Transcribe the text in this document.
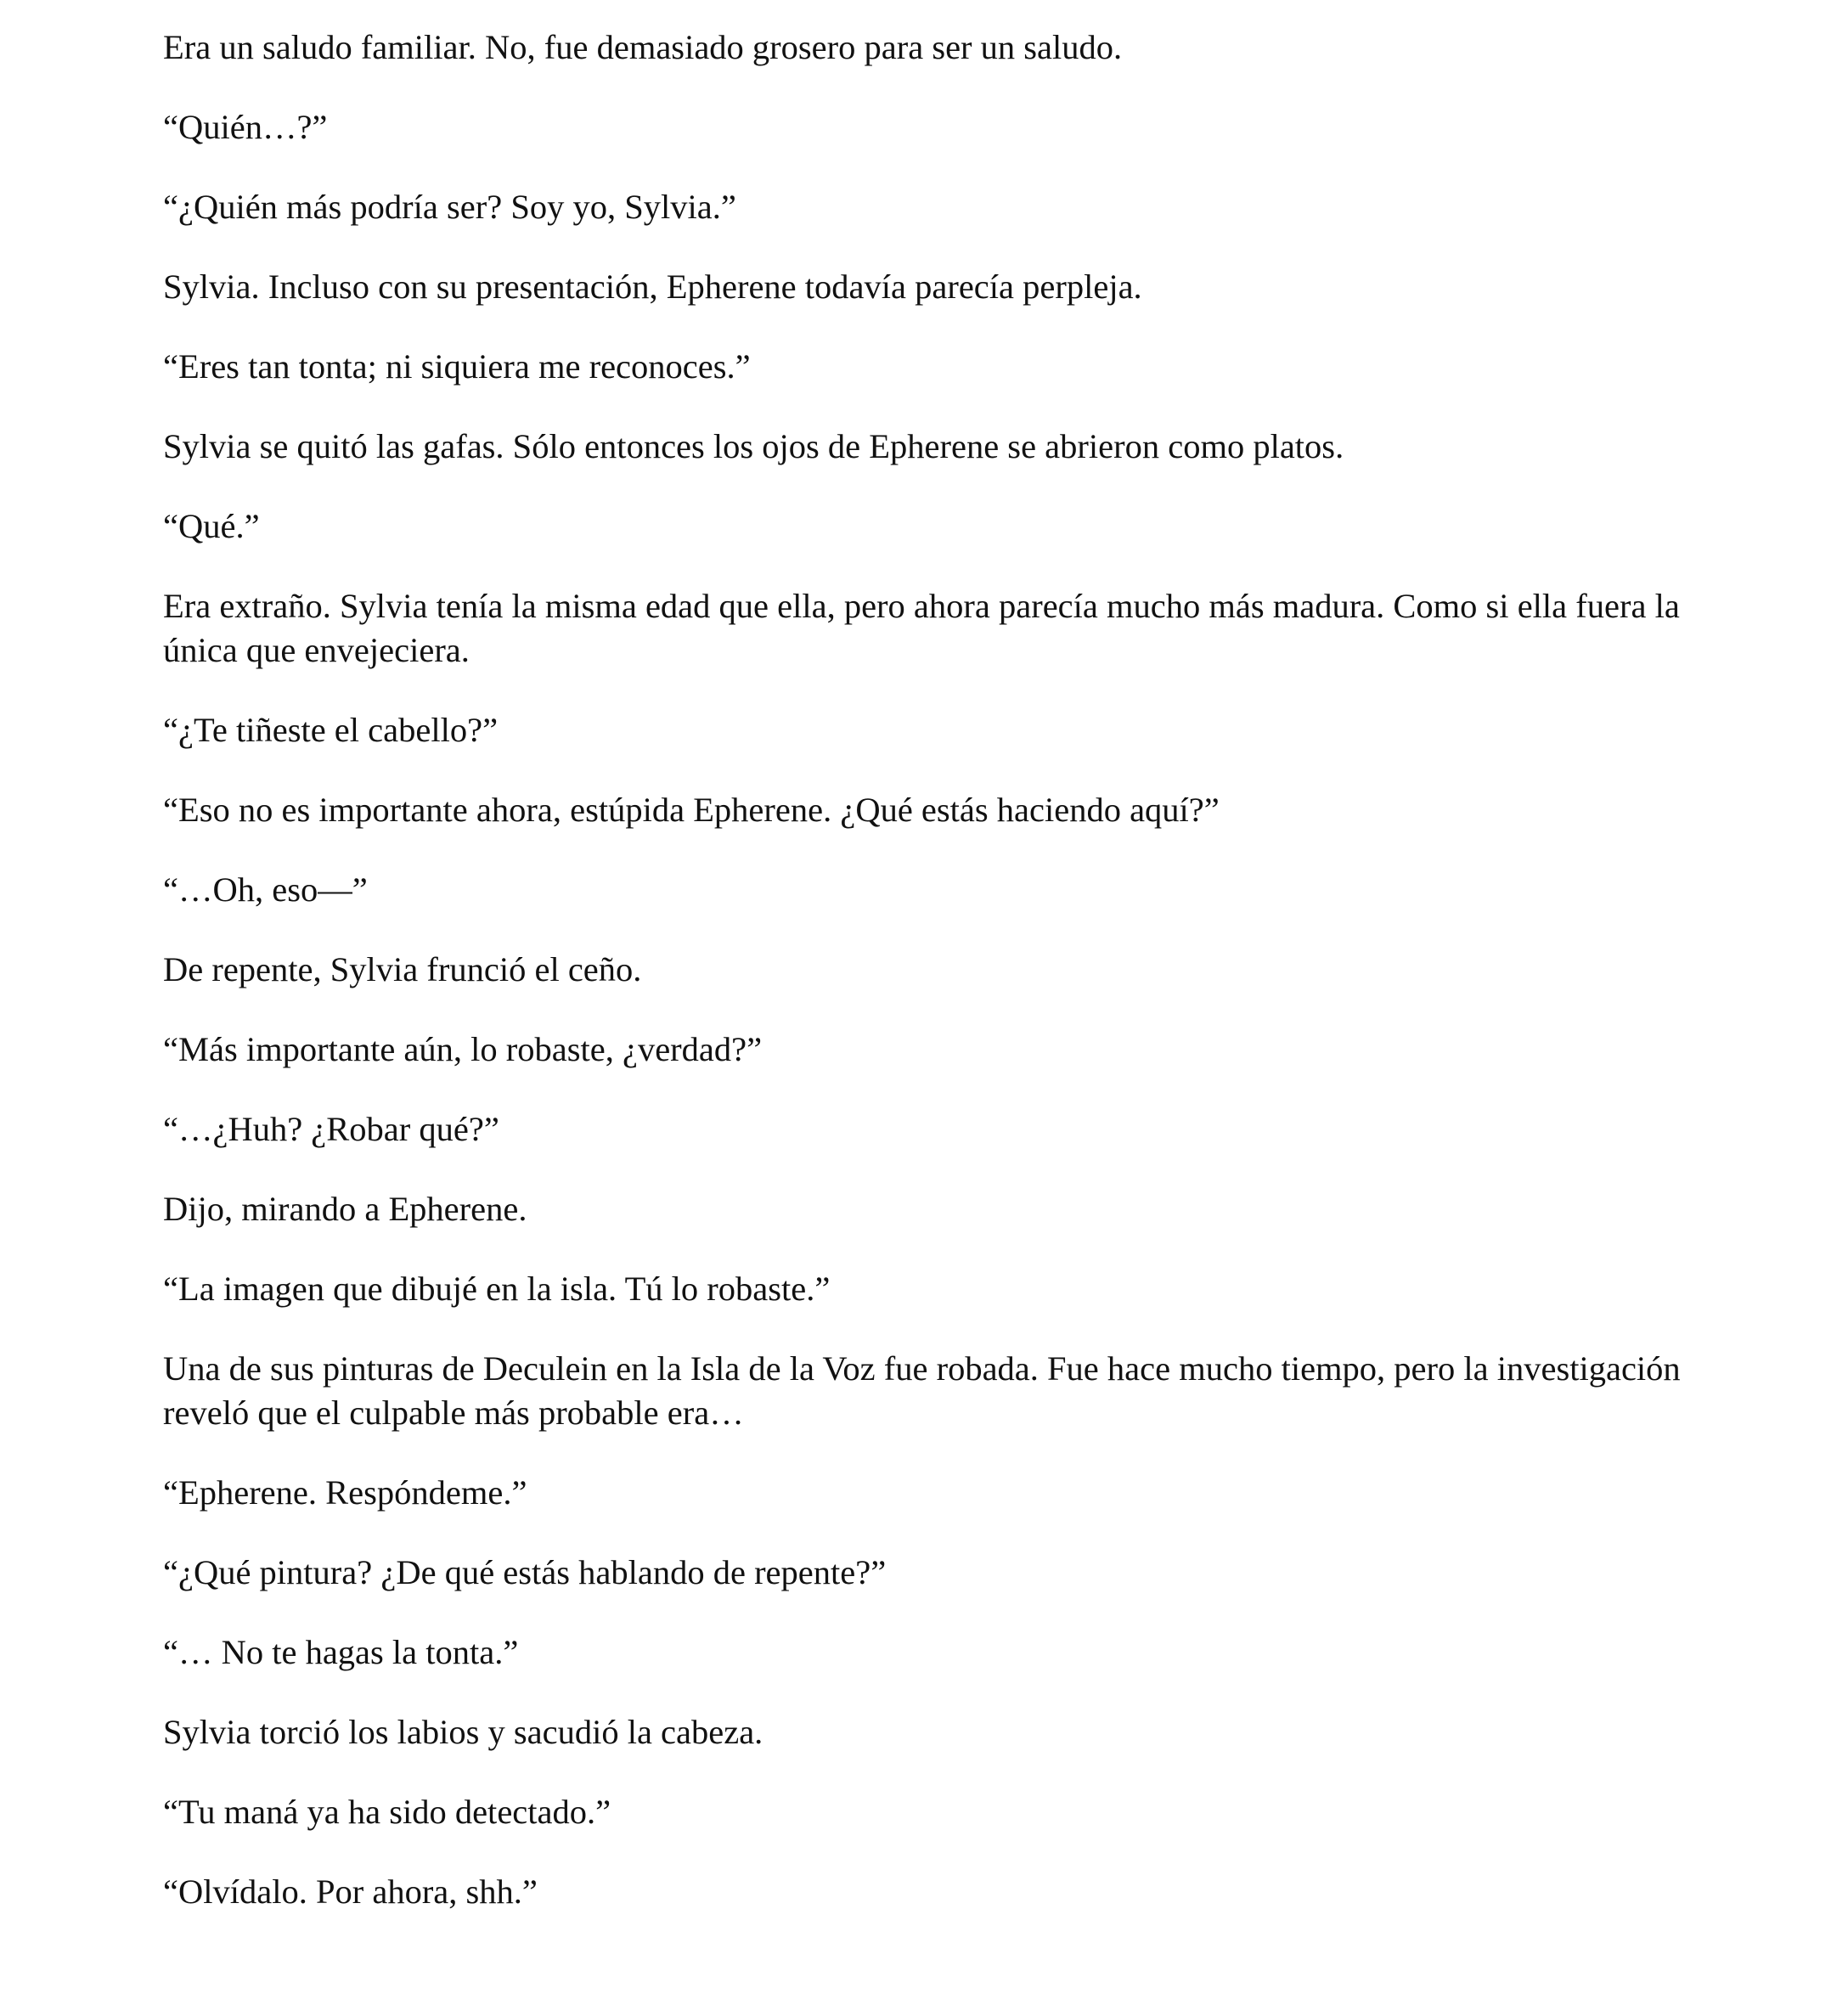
Era un saludo familiar. No, fue demasiado grosero para ser un saludo.

“Quién…?”

“¿Quién más podría ser? Soy yo, Sylvia.”

Sylvia. Incluso con su presentación, Epherene todavía parecía perpleja.

“Eres tan tonta; ni siquiera me reconoces.”

Sylvia se quitó las gafas. Sólo entonces los ojos de Epherene se abrieron como platos.

“Qué.”

Era extraño. Sylvia tenía la misma edad que ella, pero ahora parecía mucho más madura. Como si ella fuera la única que envejeciera.

“¿Te tiñeste el cabello?”

“Eso no es importante ahora, estúpida Epherene. ¿Qué estás haciendo aquí?”

“…Oh, eso—”

De repente, Sylvia frunció el ceño.

“Más importante aún, lo robaste, ¿verdad?”

“…¿Huh? ¿Robar qué?”

Dijo, mirando a Epherene.

“La imagen que dibujé en la isla. Tú lo robaste.”

Una de sus pinturas de Deculein en la Isla de la Voz fue robada. Fue hace mucho tiempo, pero la investigación reveló que el culpable más probable era…

“Epherene. Respóndeme.”

“¿Qué pintura? ¿De qué estás hablando de repente?”

“… No te hagas la tonta.”

Sylvia torció los labios y sacudió la cabeza.

“Tu maná ya ha sido detectado.”

“Olvídalo. Por ahora, shh.”
